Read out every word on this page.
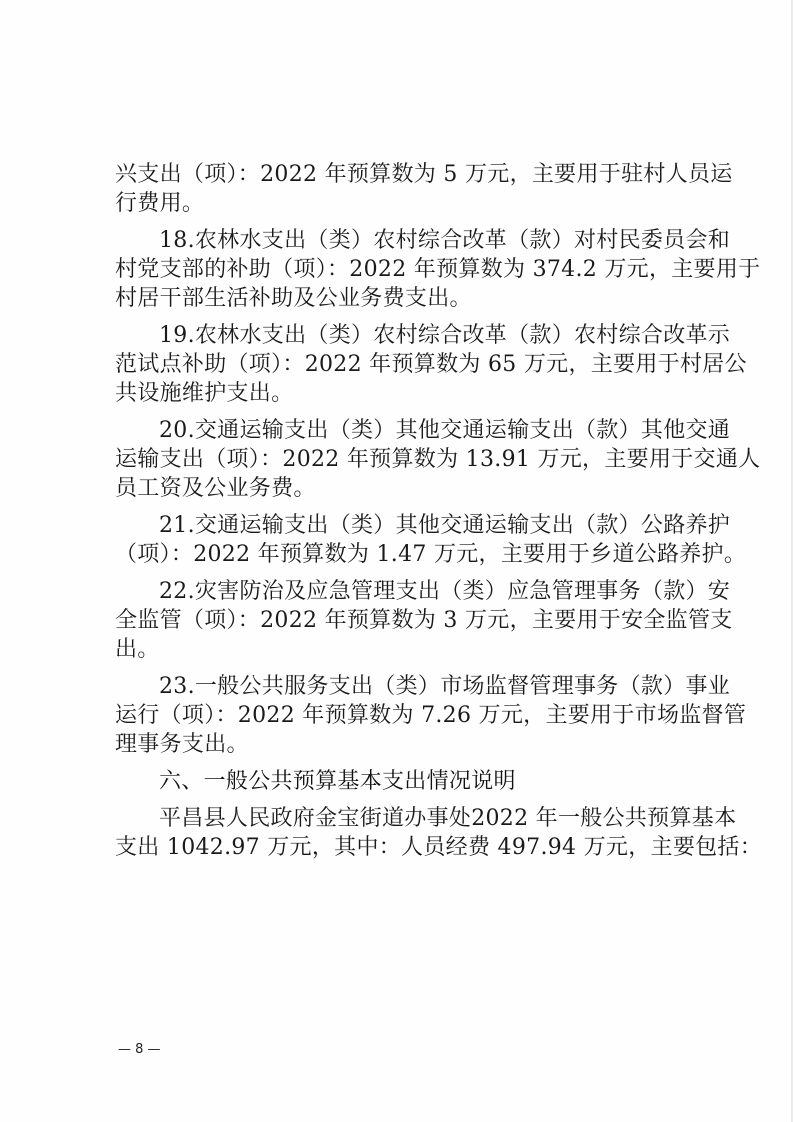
兴支出（项）：2022 年预算数为 5 万元，主要用于驻村人员运

行费用。

18.农林水支出（类）农村综合改革（款）对村民委员会和

村党支部的补助（项）：2022 年预算数为 374.2 万元，主要用于

村居干部生活补助及公业务费支出。

19.农林水支出（类）农村综合改革（款）农村综合改革示

范试点补助（项）：2022 年预算数为 65 万元，主要用于村居公

共设施维护支出。

20.交通运输支出（类）其他交通运输支出（款）其他交通

运输支出（项）：2022 年预算数为 13.91 万元，主要用于交通人

员工资及公业务费。

21.交通运输支出（类）其他交通运输支出（款）公路养护

（项）：2022 年预算数为 1.47 万元，主要用于乡道公路养护。

22.灾害防治及应急管理支出（类）应急管理事务（款）安

全监管（项）：2022 年预算数为 3 万元，主要用于安全监管支

出。

23.一般公共服务支出（类）市场监督管理事务（款）事业

运行（项）：2022 年预算数为 7.26 万元，主要用于市场监督管

理事务支出。

六、一般公共预算基本支出情况说明

平昌县人民政府金宝街道办事处2022 年一般公共预算基本

支出 1042.97 万元，其中：人员经费 497.94 万元，主要包括：

— 8 —
